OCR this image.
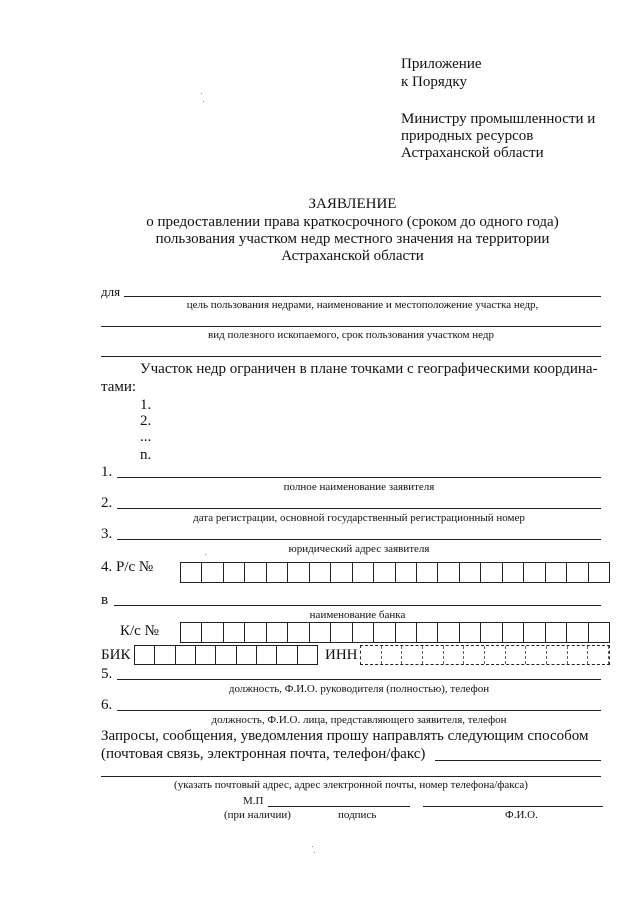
Приложение
к Порядку
Министру промышленности и
природных ресурсов
Астраханской области
ЗАЯВЛЕНИЕ
о предоставлении права краткосрочного (сроком до одного года)
пользования участком недр местного значения на территории
Астраханской области
для
цель пользования недрами, наименование и местоположение участка недр,
вид полезного ископаемого, срок пользования участком недр
Участок недр ограничен в плане точками с географическими координа-
тами:
1.
2.
...
n.
1.
полное наименование заявителя
2.
дата регистрации, основной государственный регистрационный номер
3.
юридический адрес заявителя
4. Р/с №
в
наименование банка
К/с №
БИК	ИНН
5.
должность, Ф.И.О. руководителя (полностью), телефон
6.
должность, Ф.И.О. лица, представляющего заявителя, телефон
Запросы, сообщения, уведомления прошу направлять следующим способом
(почтовая связь, электронная почта, телефон/факс)
(указать почтовый адрес, адрес электронной почты, номер телефона/факса)
М.П
(при наличии)	подпись	Ф.И.О.
